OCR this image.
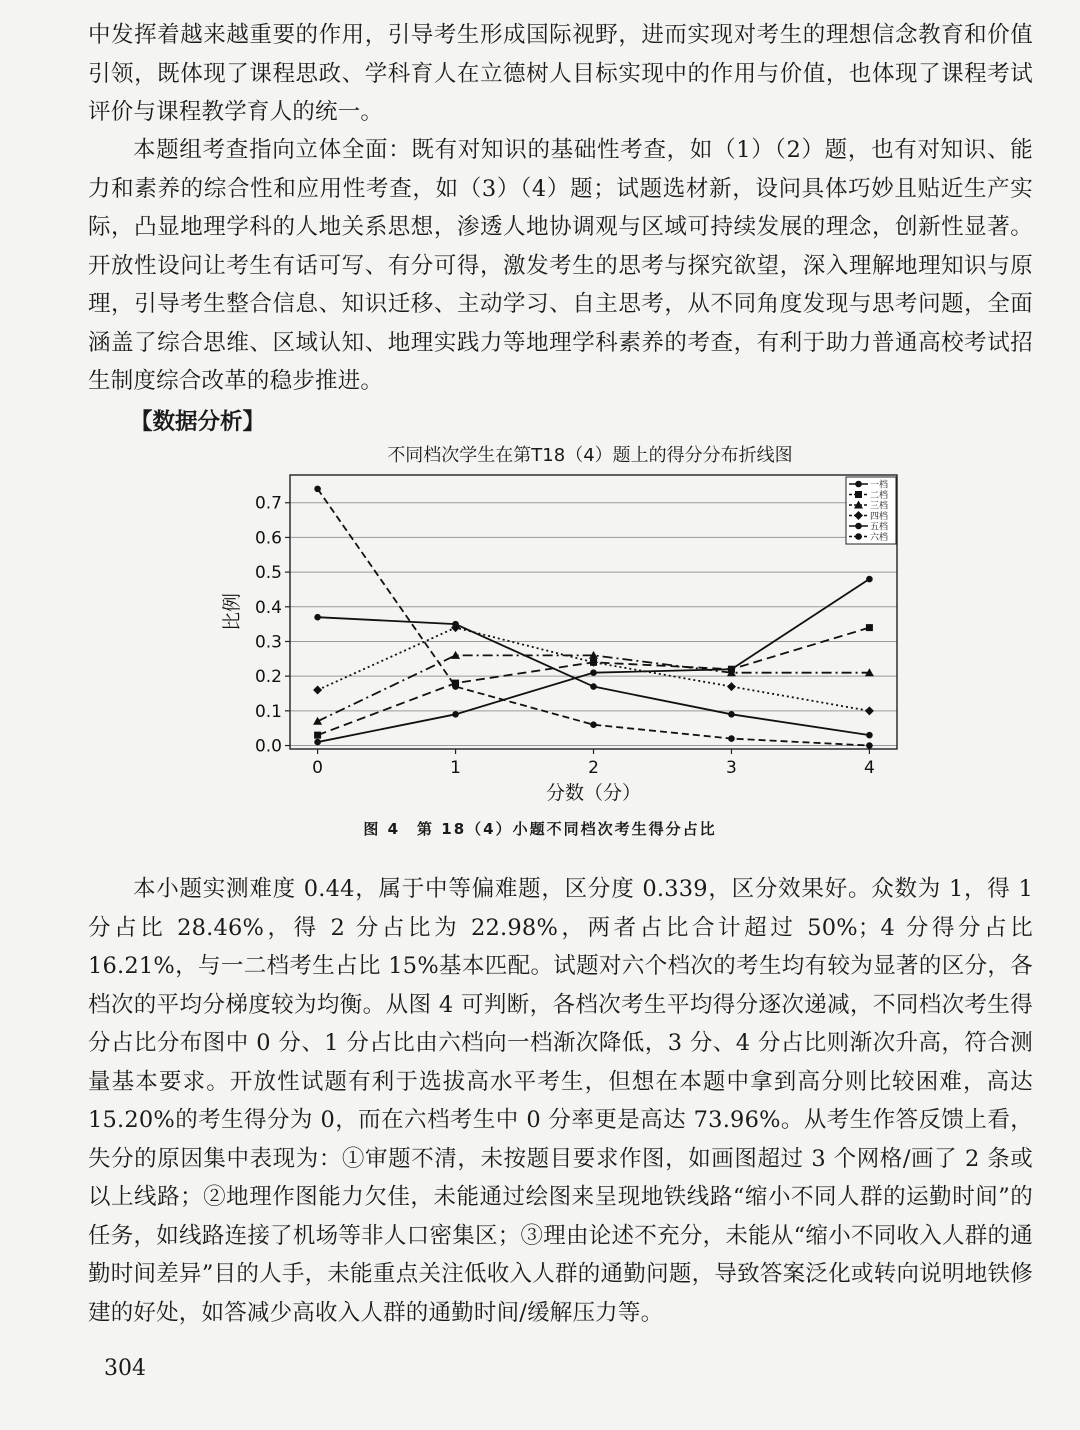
中发挥着越来越重要的作用，引导考生形成国际视野，进而实现对考生的理想信念教育和价值引领，既体现了课程思政、学科育人在立德树人目标实现中的作用与价值，也体现了课程考试评价与课程教学育人的统一。

本题组考查指向立体全面：既有对知识的基础性考查，如（1）（2）题，也有对知识、能力和素养的综合性和应用性考查，如（3）（4）题；试题选材新，设问具体巧妙且贴近生产实际，凸显地理学科的人地关系思想，渗透人地协调观与区域可持续发展的理念，创新性显著。开放性设问让考生有话可写、有分可得，激发考生的思考与探究欲望，深入理解地理知识与原理，引导考生整合信息、知识迁移、主动学习、自主思考，从不同角度发现与思考问题，全面涵盖了综合思维、区域认知、地理实践力等地理学科素养的考查，有利于助力普通高校考试招生制度综合改革的稳步推进。

【数据分析】

不同档次学生在第T18（4）题上的得分分布折线图
0.0
0.1
0.2
0.3
0.4
0.5
0.6
0.7
0	1	2	3	4
分数（分）
比例
一档
二档
三档
四档
五档
六档
图 4　第 18（4）小题不同档次考生得分占比

本小题实测难度 0.44，属于中等偏难题，区分度 0.339，区分效果好。众数为 1，得 1 分占比 28.46%，得 2 分占比为 22.98%，两者占比合计超过 50%；4 分得分占比 16.21%，与一二档考生占比 15%基本匹配。试题对六个档次的考生均有较为显著的区分，各档次的平均分梯度较为均衡。从图 4 可判断，各档次考生平均得分逐次递减，不同档次考生得分占比分布图中 0 分、1 分占比由六档向一档渐次降低，3 分、4 分占比则渐次升高，符合测量基本要求。开放性试题有利于选拔高水平考生，但想在本题中拿到高分则比较困难，高达 15.20%的考生得分为 0，而在六档考生中 0 分率更是高达 73.96%。从考生作答反馈上看，失分的原因集中表现为：①审题不清，未按题目要求作图，如画图超过 3 个网格/画了 2 条或以上线路；②地理作图能力欠佳，未能通过绘图来呈现地铁线路“缩小不同人群的运勤时间”的任务，如线路连接了机场等非人口密集区；③理由论述不充分，未能从“缩小不同收入人群的通勤时间差异”目的人手，未能重点关注低收入人群的通勤问题，导致答案泛化或转向说明地铁修建的好处，如答减少高收入人群的通勤时间/缓解压力等。

304
